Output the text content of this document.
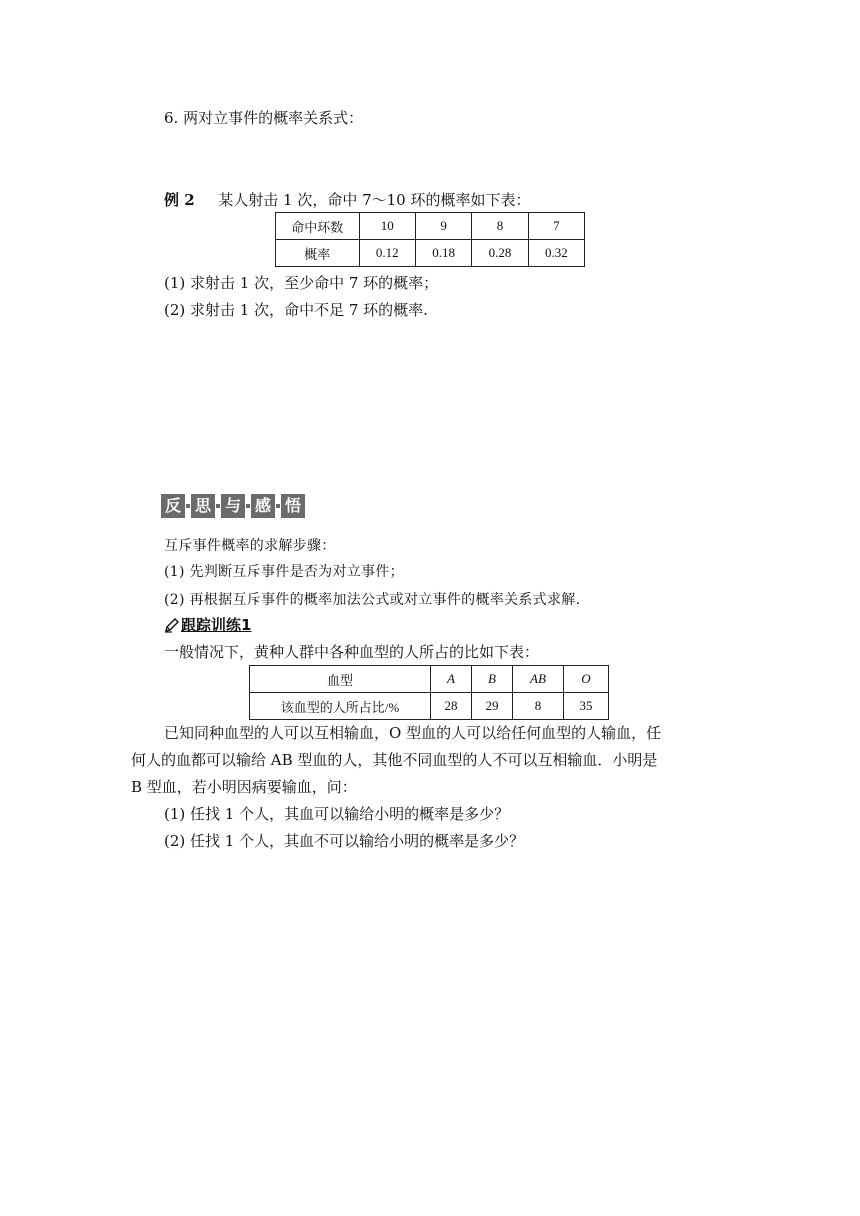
6. 两对立事件的概率关系式：
例 2 某人射击 1 次，命中 7～10 环的概率如下表：
命中环数	10	9	8	7
概率	0.12	0.18	0.28	0.32
(1) 求射击 1 次，至少命中 7 环的概率；
(2) 求射击 1 次，命中不足 7 环的概率.
反 思 与 感 悟
互斥事件概率的求解步骤：
(1) 先判断互斥事件是否为对立事件；
(2) 再根据互斥事件的概率加法公式或对立事件的概率关系式求解.
跟踪训练1
一般情况下，黄种人群中各种血型的人所占的比如下表：
血型	A	B	AB	O
该血型的人所占比/%	28	29	8	35
已知同种血型的人可以互相输血，O 型血的人可以给任何血型的人输血，任
何人的血都可以输给 AB 型血的人，其他不同血型的人不可以互相输血．小明是
B 型血，若小明因病要输血，问：
(1) 任找 1 个人，其血可以输给小明的概率是多少？
(2) 任找 1 个人，其血不可以输给小明的概率是多少？
